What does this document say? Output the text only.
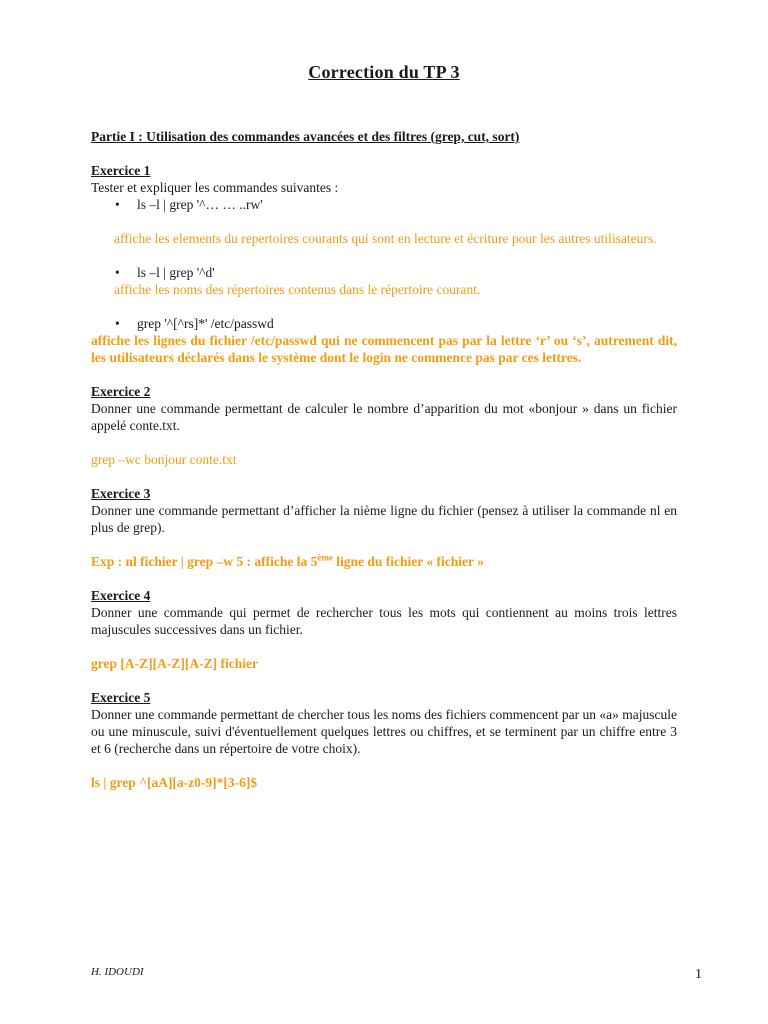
Correction du TP 3

Partie I : Utilisation des commandes avancées et des filtres (grep, cut, sort)

Exercice 1

Tester et expliquer les commandes suivantes :

• ls –l | grep '^… … ..rw'

affiche les elements du repertoires courants qui sont en lecture et écriture pour les autres utilisateurs.

• ls –l | grep '^d'

affiche les noms des répertoires contenus dans le répertoire courant.

• grep '^[^rs]*' /etc/passwd

affiche les lignes du fichier /etc/passwd qui ne commencent pas par la lettre ‘r’ ou ‘s’, autrement dit, les utilisateurs déclarés dans le système dont le login ne commence pas par ces lettres.

Exercice 2

Donner une commande permettant de calculer le nombre d’apparition du mot «bonjour » dans un fichier appelé conte.txt.

grep –wc bonjour conte.txt

Exercice 3

Donner une commande permettant d’afficher la nième ligne du fichier (pensez à utiliser la commande nl en plus de grep).

Exp : nl fichier | grep –w 5 : affiche la 5ème ligne du fichier « fichier »

Exercice 4

Donner une commande qui permet de rechercher tous les mots qui contiennent au moins trois lettres majuscules successives dans un fichier.

grep [A-Z][A-Z][A-Z] fichier

Exercice 5

Donner une commande permettant de chercher tous les noms des fichiers commencent par un «a» majuscule ou une minuscule, suivi d'éventuellement quelques lettres ou chiffres, et se terminent par un chiffre entre 3 et 6 (recherche dans un répertoire de votre choix).

ls | grep ^[aA][a-z0-9]*[3-6]$

H. IDOUDI	1
